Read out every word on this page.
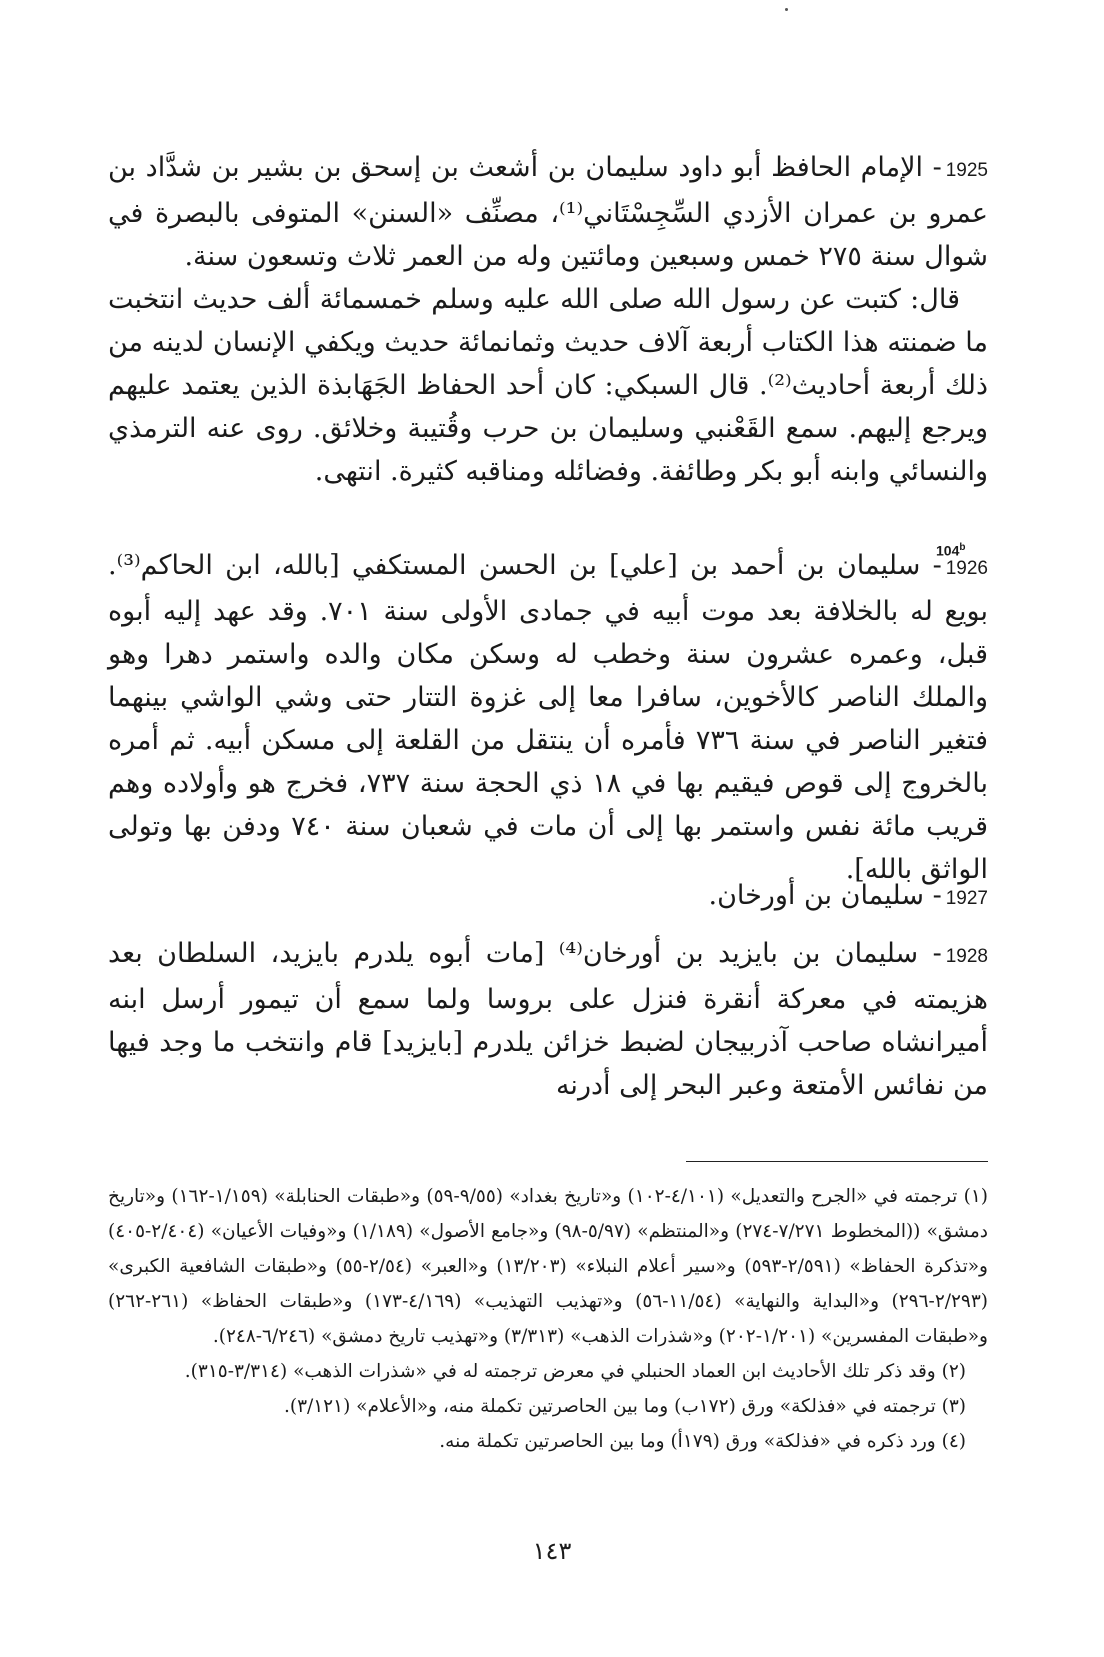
1925- الإمام الحافظ أبو داود سليمان بن أشعث بن إسحق بن بشير بن شدَّاد بن عمرو بن عمران الأزدي السِّجِسْتَاني⁽¹⁾، مصنِّف «السنن» المتوفى بالبصرة في شوال سنة ٢٧٥ خمس وسبعين ومائتين وله من العمر ثلاث وتسعون سنة.

قال: كتبت عن رسول الله صلى الله عليه وسلم خمسمائة ألف حديث انتخبت ما ضمنته هذا الكتاب أربعة آلاف حديث وثمانمائة حديث ويكفي الإنسان لدينه من ذلك أربعة أحاديث⁽²⁾. قال السبكي: كان أحد الحفاظ الجَهَابذة الذين يعتمد عليهم ويرجع إليهم. سمع القَعْنبي وسليمان بن حرب وقُتيبة وخلائق. روى عنه الترمذي والنسائي وابنه أبو بكر وطائفة. وفضائله ومناقبه كثيرة. انتهى.

104$^b$

1926- سليمان بن أحمد بن [علي] بن الحسن المستكفي [بالله، ابن الحاكم⁽³⁾. بويع له بالخلافة بعد موت أبيه في جمادى الأولى سنة ٧٠١. وقد عهد إليه أبوه قبل، وعمره عشرون سنة وخطب له وسكن مكان والده واستمر دهرا وهو والملك الناصر كالأخوين، سافرا معا إلى غزوة التتار حتى وشي الواشي بينهما فتغير الناصر في سنة ٧٣٦ فأمره أن ينتقل من القلعة إلى مسكن أبيه. ثم أمره بالخروج إلى قوص فيقيم بها في ١٨ ذي الحجة سنة ٧٣٧، فخرج هو وأولاده وهم قريب مائة نفس واستمر بها إلى أن مات في شعبان سنة ٧٤٠ ودفن بها وتولى الواثق بالله].

1927- سليمان بن أورخان.

1928- سليمان بن بايزيد بن أورخان⁽⁴⁾ [مات أبوه يلدرم بايزيد، السلطان بعد هزيمته في معركة أنقرة فنزل على بروسا ولما سمع أن تيمور أرسل ابنه أميرانشاه صاحب آذربيجان لضبط خزائن يلدرم [بايزيد] قام وانتخب ما وجد فيها من نفائس الأمتعة وعبر البحر إلى أدرنه

(١) ترجمته في «الجرح والتعديل» (٤/١٠١-١٠٢) و«تاريخ بغداد» (٩/٥٥-٥٩) و«طبقات الحنابلة» (١/١٥٩-١٦٢) و«تاريخ دمشق» ((المخطوط ٧/٢٧١-٢٧٤) و«المنتظم» (٥/٩٧-٩٨) و«جامع الأصول» (١/١٨٩) و«وفيات الأعيان» (٢/٤٠٤-٤٠٥) و«تذكرة الحفاظ» (٢/٥٩١-٥٩٣) و«سير أعلام النبلاء» (١٣/٢٠٣) و«العبر» (٢/٥٤-٥٥) و«طبقات الشافعية الكبرى» (٢/٢٩٣-٢٩٦) و«البداية والنهاية» (١١/٥٤-٥٦) و«تهذيب التهذيب» (٤/١٦٩-١٧٣) و«طبقات الحفاظ» (٢٦١-٢٦٢) و«طبقات المفسرين» (١/٢٠١-٢٠٢) و«شذرات الذهب» (٣/٣١٣) و«تهذيب تاريخ دمشق» (٦/٢٤٦-٢٤٨).

(٢) وقد ذكر تلك الأحاديث ابن العماد الحنبلي في معرض ترجمته له في «شذرات الذهب» (٣/٣١٤-٣١٥).

(٣) ترجمته في «فذلكة» ورق (١٧٢ب) وما بين الحاصرتين تكملة منه، و«الأعلام» (٣/١٢١).

(٤) ورد ذكره في «فذلكة» ورق (١٧٩أ) وما بين الحاصرتين تكملة منه.

١٤٣
